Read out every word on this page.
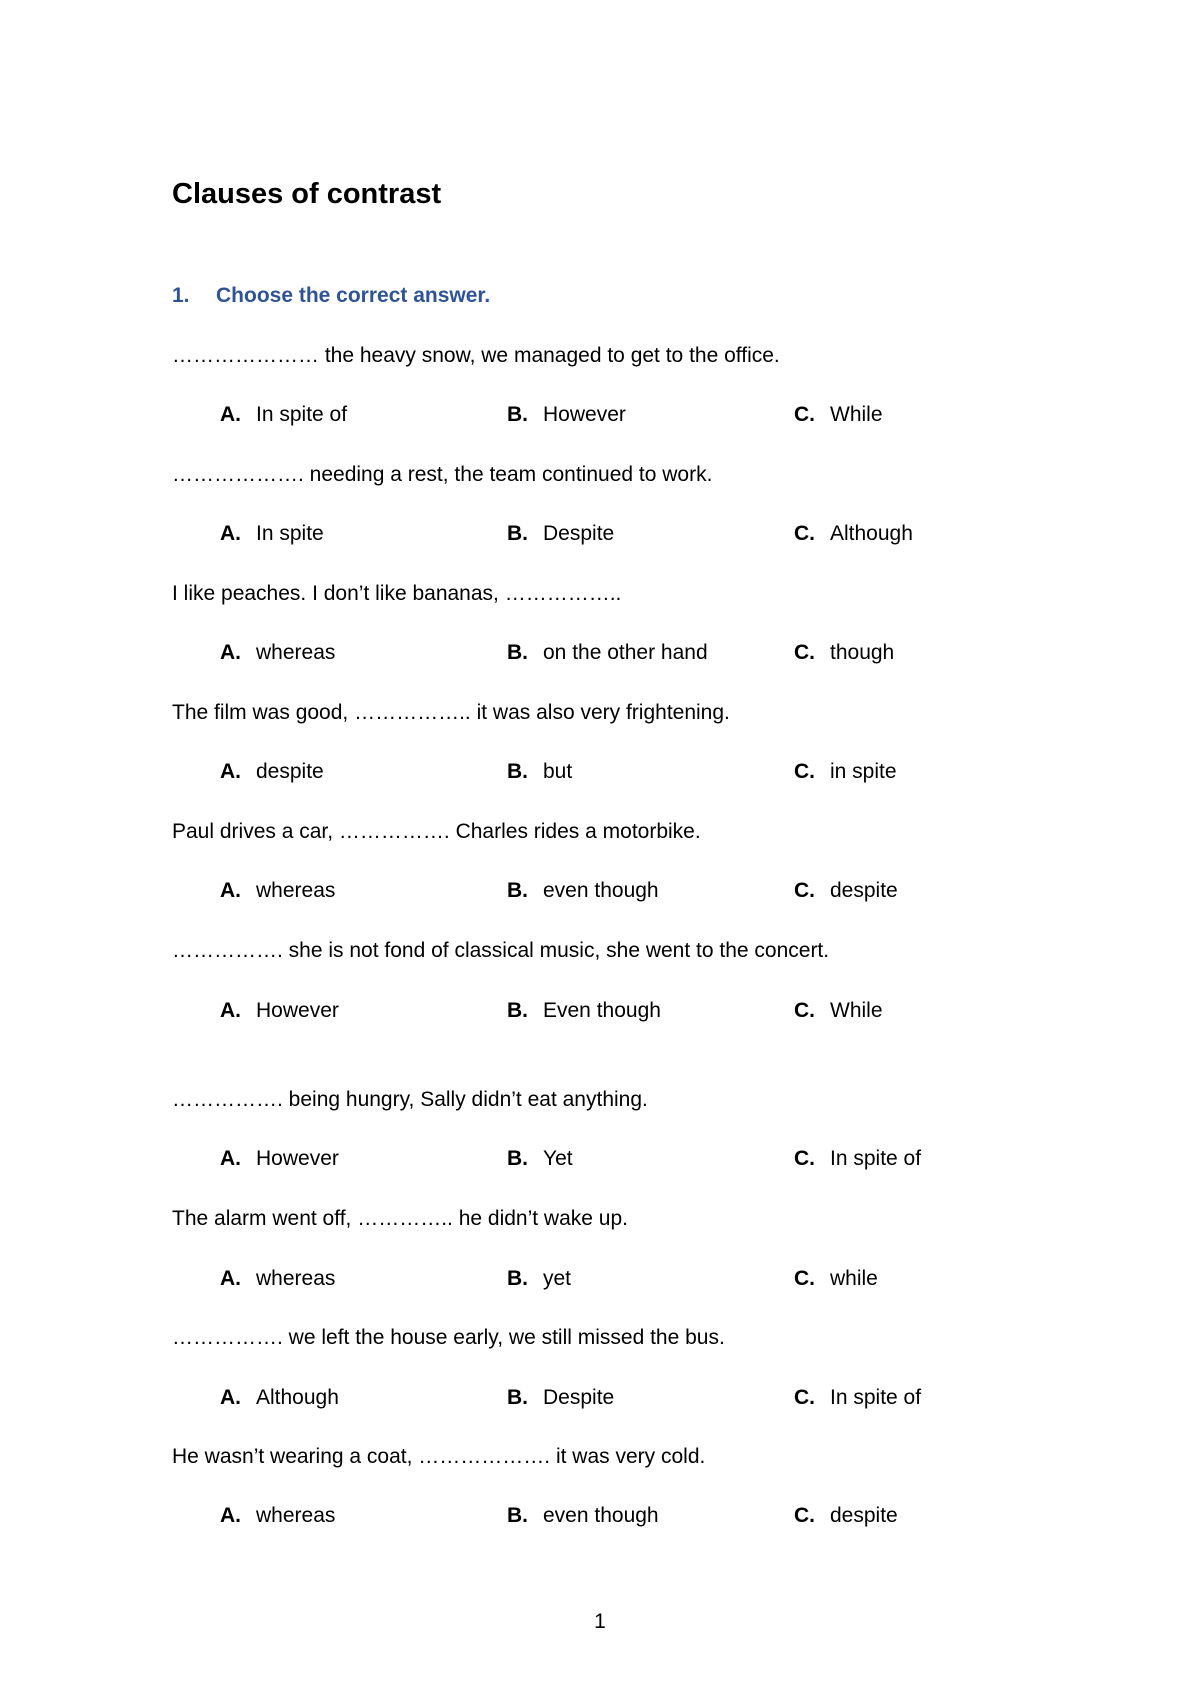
Clauses of contrast
1. Choose the correct answer.
………………… the heavy snow, we managed to get to the office.
A. In spite of	B. However	C. While
………………. needing a rest, the team continued to work.
A. In spite	B. Despite	C. Although
I like peaches. I don’t like bananas, ……………..
A. whereas	B. on the other hand	C. though
The film was good, …………….. it was also very frightening.
A. despite	B. but	C. in spite
Paul drives a car, ……………. Charles rides a motorbike.
A. whereas	B. even though	C. despite
……………. she is not fond of classical music, she went to the concert.
A. However	B. Even though	C. While
……………. being hungry, Sally didn’t eat anything.
A. However	B. Yet	C. In spite of
The alarm went off, ………….. he didn’t wake up.
A. whereas	B. yet	C. while
……………. we left the house early, we still missed the bus.
A. Although	B. Despite	C. In spite of
He wasn’t wearing a coat, ………………. it was very cold.
A. whereas	B. even though	C. despite
1
